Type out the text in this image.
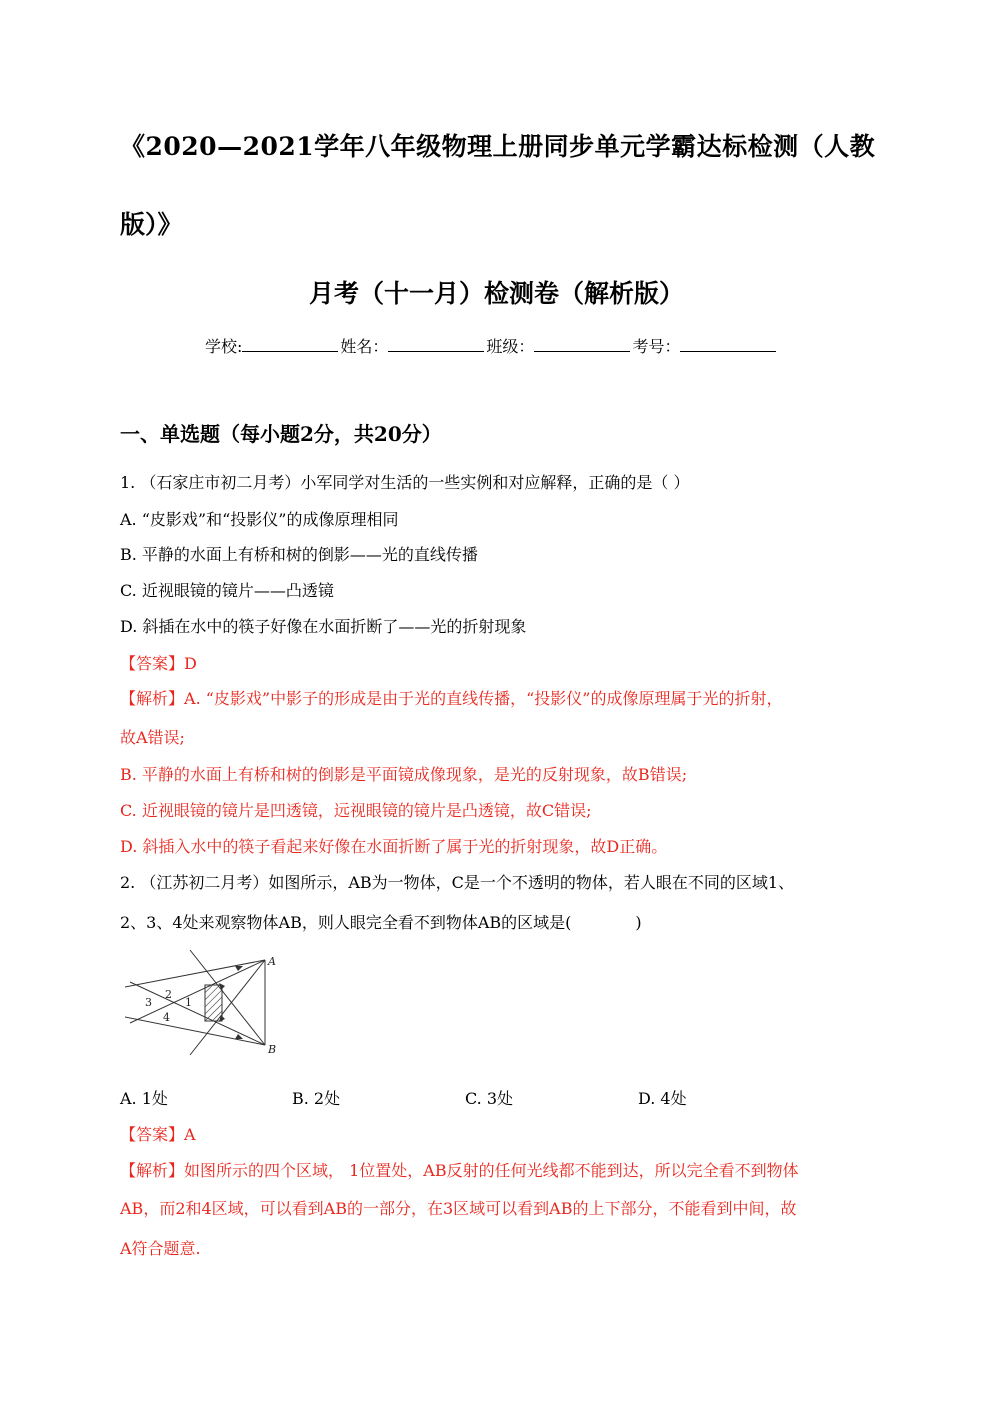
《2020—2021学年八年级物理上册同步单元学霸达标检测（人教
版）》
月考（十一月）检测卷（解析版）
学校:	姓名：	班级：	考号：
一、单选题（每小题2分，共20分）
1. （石家庄市初二月考）小军同学对生活的一些实例和对应解释，正确的是（ ）
A. “皮影戏”和“投影仪”的成像原理相同
B. 平静的水面上有桥和树的倒影——光的直线传播
C. 近视眼镜的镜片——凸透镜
D. 斜插在水中的筷子好像在水面折断了——光的折射现象
【答案】D
【解析】A. “皮影戏”中影子的形成是由于光的直线传播，“投影仪”的成像原理属于光的折射，
故A错误;
B. 平静的水面上有桥和树的倒影是平面镜成像现象，是光的反射现象，故B错误;
C. 近视眼镜的镜片是凹透镜，远视眼镜的镜片是凸透镜，故C错误;
D. 斜插入水中的筷子看起来好像在水面折断了属于光的折射现象，故D正确。
2. （江苏初二月考）如图所示，AB为一物体，C是一个不透明的物体，若人眼在不同的区域1、
2、3、4处来观察物体AB，则人眼完全看不到物体AB的区域是(	)
A
B
1
2
3
4
A. 1处	B. 2处	C. 3处	D. 4处
【答案】A
【解析】如图所示的四个区域， 1位置处，AB反射的任何光线都不能到达，所以完全看不到物体
AB，而2和4区域，可以看到AB的一部分，在3区域可以看到AB的上下部分，不能看到中间，故
A符合题意.
